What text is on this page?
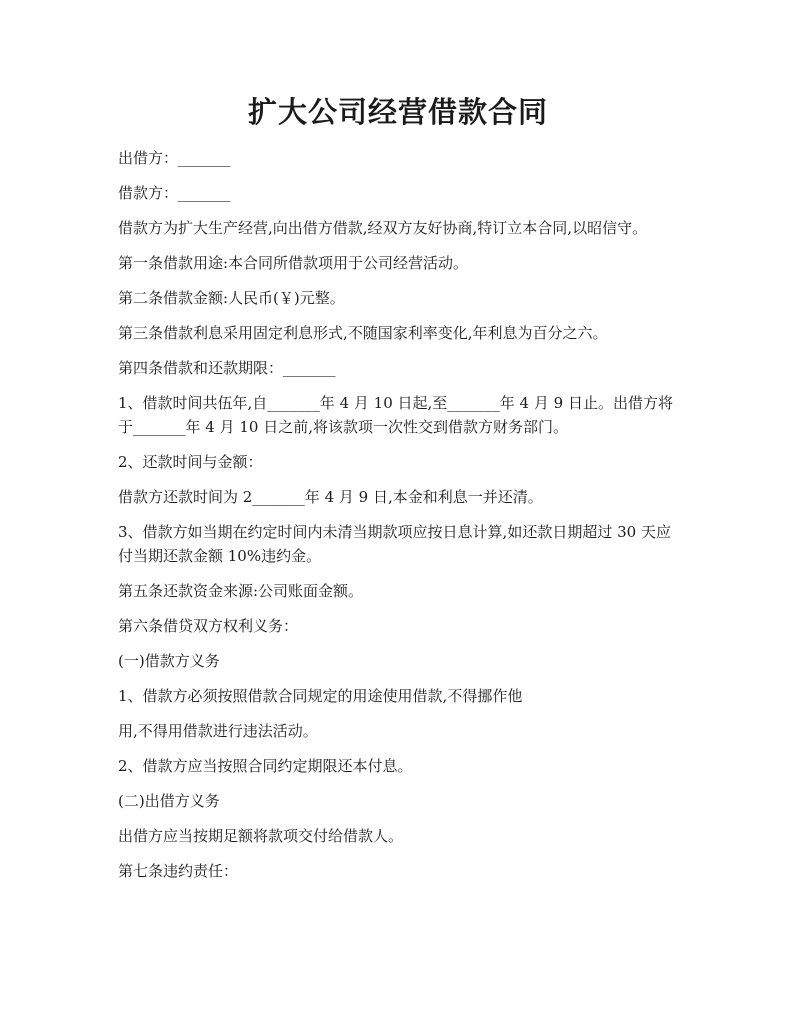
扩大公司经营借款合同

出借方：_______

借款方：_______

借款方为扩大生产经营,向出借方借款,经双方友好协商,特订立本合同,以昭信守。

第一条借款用途:本合同所借款项用于公司经营活动。

第二条借款金额:人民币(￥)元整。

第三条借款利息采用固定利息形式,不随国家利率变化,年利息为百分之六。

第四条借款和还款期限：_______

1、借款时间共伍年,自_______年 4 月 10 日起,至_______年 4 月 9 日止。出借方将于_______年 4 月 10 日之前,将该款项一次性交到借款方财务部门。

2、还款时间与金额：

借款方还款时间为 2_______年 4 月 9 日,本金和利息一并还清。

3、借款方如当期在约定时间内未清当期款项应按日息计算,如还款日期超过 30 天应付当期还款金额 10%违约金。

第五条还款资金来源:公司账面金额。

第六条借贷双方权利义务：

(一)借款方义务

1、借款方必须按照借款合同规定的用途使用借款,不得挪作他

用,不得用借款进行违法活动。

2、借款方应当按照合同约定期限还本付息。

(二)出借方义务

出借方应当按期足额将款项交付给借款人。

第七条违约责任：
